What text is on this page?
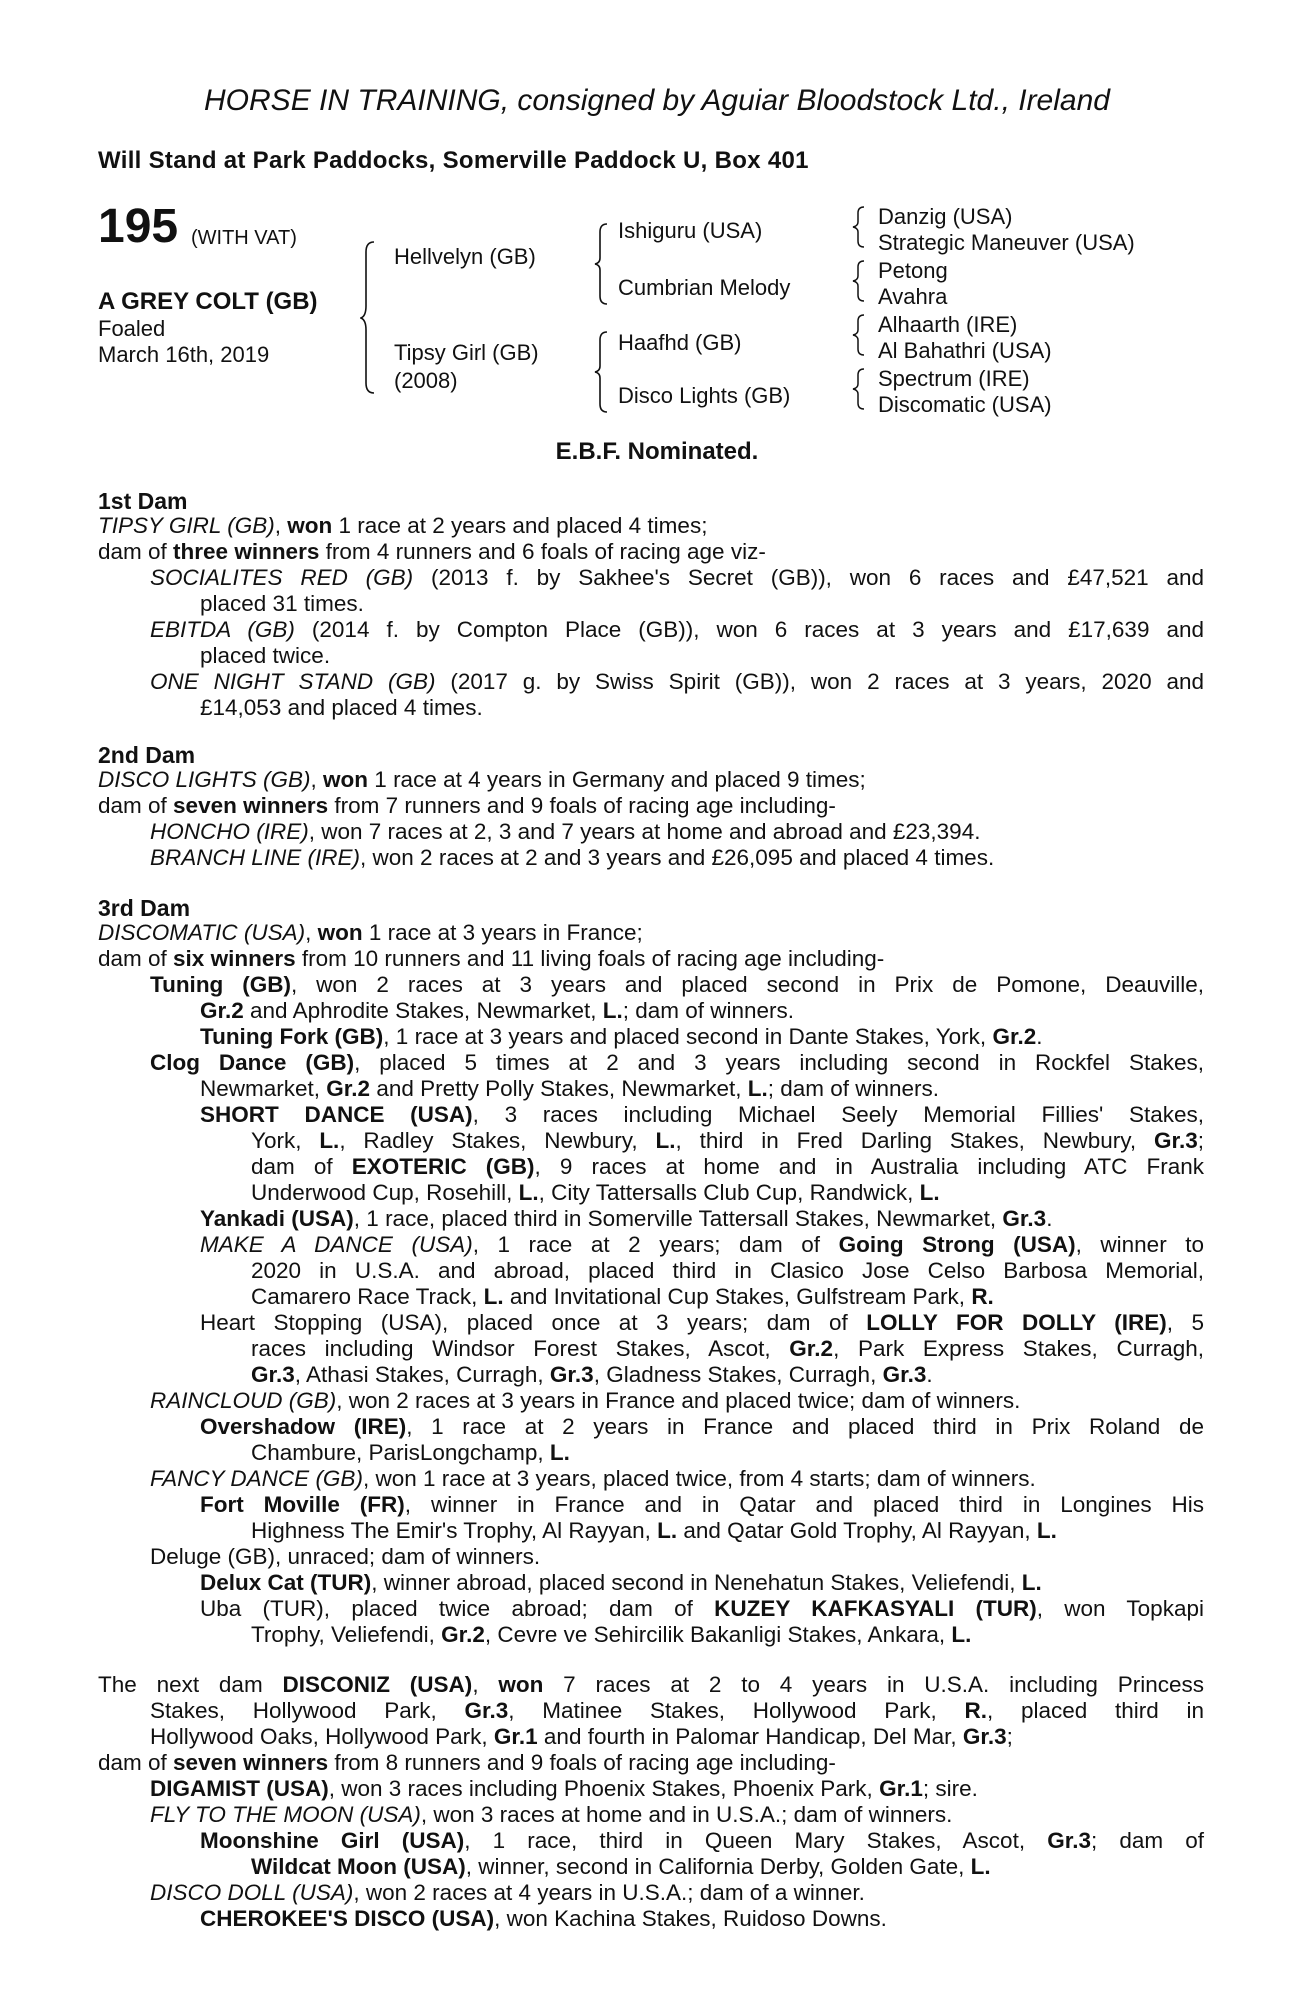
HORSE IN TRAINING, consigned by Aguiar Bloodstock Ltd., Ireland
Will Stand at Park Paddocks, Somerville Paddock U, Box 401
195 (WITH VAT)
A GREY COLT (GB)
Foaled
March 16th, 2019
Hellvelyn (GB)
Tipsy Girl (GB)
(2008)
Ishiguru (USA)
Cumbrian Melody
Haafhd (GB)
Disco Lights (GB)
Danzig (USA)
Strategic Maneuver (USA)
Petong
Avahra
Alhaarth (IRE)
Al Bahathri (USA)
Spectrum (IRE)
Discomatic (USA)
E.B.F. Nominated.
1st Dam
TIPSY GIRL (GB), won 1 race at 2 years and placed 4 times;
dam of three winners from 4 runners and 6 foals of racing age viz-
SOCIALITES RED (GB) (2013 f. by Sakhee's Secret (GB)), won 6 races and £47,521 and
placed 31 times.
EBITDA (GB) (2014 f. by Compton Place (GB)), won 6 races at 3 years and £17,639 and
placed twice.
ONE NIGHT STAND (GB) (2017 g. by Swiss Spirit (GB)), won 2 races at 3 years, 2020 and
£14,053 and placed 4 times.
2nd Dam
DISCO LIGHTS (GB), won 1 race at 4 years in Germany and placed 9 times;
dam of seven winners from 7 runners and 9 foals of racing age including-
HONCHO (IRE), won 7 races at 2, 3 and 7 years at home and abroad and £23,394.
BRANCH LINE (IRE), won 2 races at 2 and 3 years and £26,095 and placed 4 times.
3rd Dam
DISCOMATIC (USA), won 1 race at 3 years in France;
dam of six winners from 10 runners and 11 living foals of racing age including-
Tuning (GB), won 2 races at 3 years and placed second in Prix de Pomone, Deauville,
Gr.2 and Aphrodite Stakes, Newmarket, L.; dam of winners.
Tuning Fork (GB), 1 race at 3 years and placed second in Dante Stakes, York, Gr.2.
Clog Dance (GB), placed 5 times at 2 and 3 years including second in Rockfel Stakes,
Newmarket, Gr.2 and Pretty Polly Stakes, Newmarket, L.; dam of winners.
SHORT DANCE (USA), 3 races including Michael Seely Memorial Fillies' Stakes,
York, L., Radley Stakes, Newbury, L., third in Fred Darling Stakes, Newbury, Gr.3;
dam of EXOTERIC (GB), 9 races at home and in Australia including ATC Frank
Underwood Cup, Rosehill, L., City Tattersalls Club Cup, Randwick, L.
Yankadi (USA), 1 race, placed third in Somerville Tattersall Stakes, Newmarket, Gr.3.
MAKE A DANCE (USA), 1 race at 2 years; dam of Going Strong (USA), winner to
2020 in U.S.A. and abroad, placed third in Clasico Jose Celso Barbosa Memorial,
Camarero Race Track, L. and Invitational Cup Stakes, Gulfstream Park, R.
Heart Stopping (USA), placed once at 3 years; dam of LOLLY FOR DOLLY (IRE), 5
races including Windsor Forest Stakes, Ascot, Gr.2, Park Express Stakes, Curragh,
Gr.3, Athasi Stakes, Curragh, Gr.3, Gladness Stakes, Curragh, Gr.3.
RAINCLOUD (GB), won 2 races at 3 years in France and placed twice; dam of winners.
Overshadow (IRE), 1 race at 2 years in France and placed third in Prix Roland de
Chambure, ParisLongchamp, L.
FANCY DANCE (GB), won 1 race at 3 years, placed twice, from 4 starts; dam of winners.
Fort Moville (FR), winner in France and in Qatar and placed third in Longines His
Highness The Emir's Trophy, Al Rayyan, L. and Qatar Gold Trophy, Al Rayyan, L.
Deluge (GB), unraced; dam of winners.
Delux Cat (TUR), winner abroad, placed second in Nenehatun Stakes, Veliefendi, L.
Uba (TUR), placed twice abroad; dam of KUZEY KAFKASYALI (TUR), won Topkapi
Trophy, Veliefendi, Gr.2, Cevre ve Sehircilik Bakanligi Stakes, Ankara, L.
The next dam DISCONIZ (USA), won 7 races at 2 to 4 years in U.S.A. including Princess
Stakes, Hollywood Park, Gr.3, Matinee Stakes, Hollywood Park, R., placed third in
Hollywood Oaks, Hollywood Park, Gr.1 and fourth in Palomar Handicap, Del Mar, Gr.3;
dam of seven winners from 8 runners and 9 foals of racing age including-
DIGAMIST (USA), won 3 races including Phoenix Stakes, Phoenix Park, Gr.1; sire.
FLY TO THE MOON (USA), won 3 races at home and in U.S.A.; dam of winners.
Moonshine Girl (USA), 1 race, third in Queen Mary Stakes, Ascot, Gr.3; dam of
Wildcat Moon (USA), winner, second in California Derby, Golden Gate, L.
DISCO DOLL (USA), won 2 races at 4 years in U.S.A.; dam of a winner.
CHEROKEE'S DISCO (USA), won Kachina Stakes, Ruidoso Downs.
